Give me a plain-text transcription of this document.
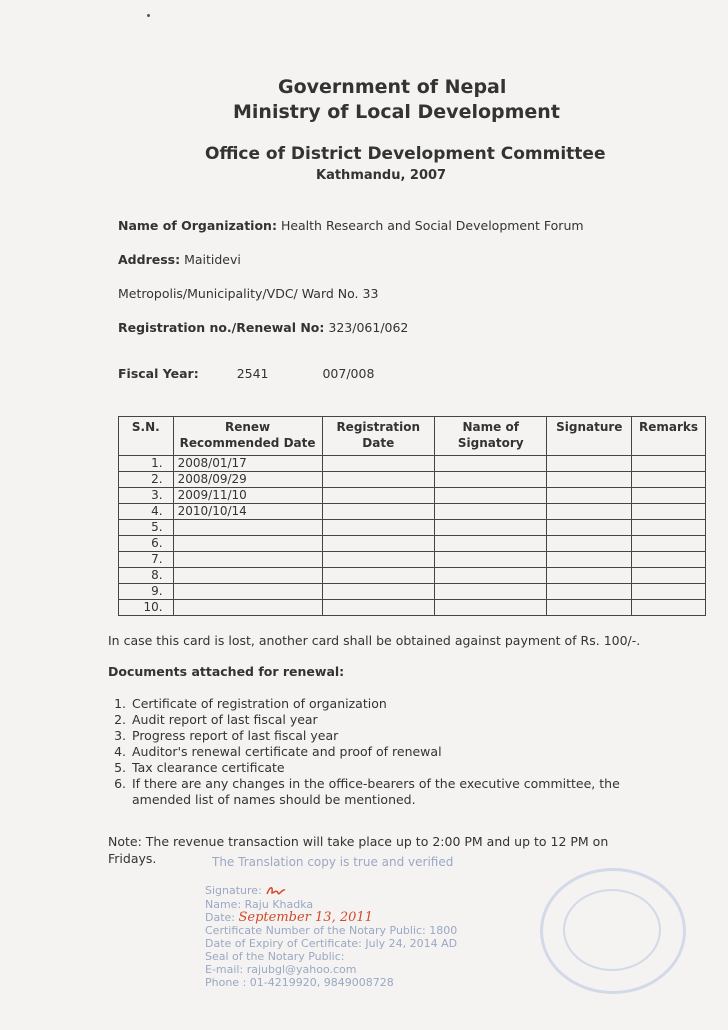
Government of Nepal
Ministry of Local Development
Office of District Development Committee
Kathmandu, 2007
Name of Organization: Health Research and Social Development Forum
Address: Maitidevi
Metropolis/Municipality/VDC/ Ward No. 33
Registration no./Renewal No: 323/061/062
Fiscal Year:	2541	007/008
S.N.	Renew Recommended Date	Registration Date	Name of Signatory	Signature	Remarks
1.	2008/01/17				
2.	2008/09/29				
3.	2009/11/10				
4.	2010/10/14				
5.					
6.					
7.					
8.					
9.					
10.					
In case this card is lost, another card shall be obtained against payment of Rs. 100/-.
Documents attached for renewal:
1. Certificate of registration of organization
2. Audit report of last fiscal year
3. Progress report of last fiscal year
4. Auditor's renewal certificate and proof of renewal
5. Tax clearance certificate
6. If there are any changes in the office-bearers of the executive committee, the amended list of names should be mentioned.
Note: The revenue transaction will take place up to 2:00 PM and up to 12 PM on
Fridays.	The Translation copy is true and verified
Signature:
Name: Raju Khadka
Date: September 13, 2011
Certificate Number of the Notary Public: 1800
Date of Expiry of Certificate: July 24, 2014 AD
Seal of the Notary Public:
E-mail: rajubgl@yahoo.com
Phone : 01-4219920, 9849008728
